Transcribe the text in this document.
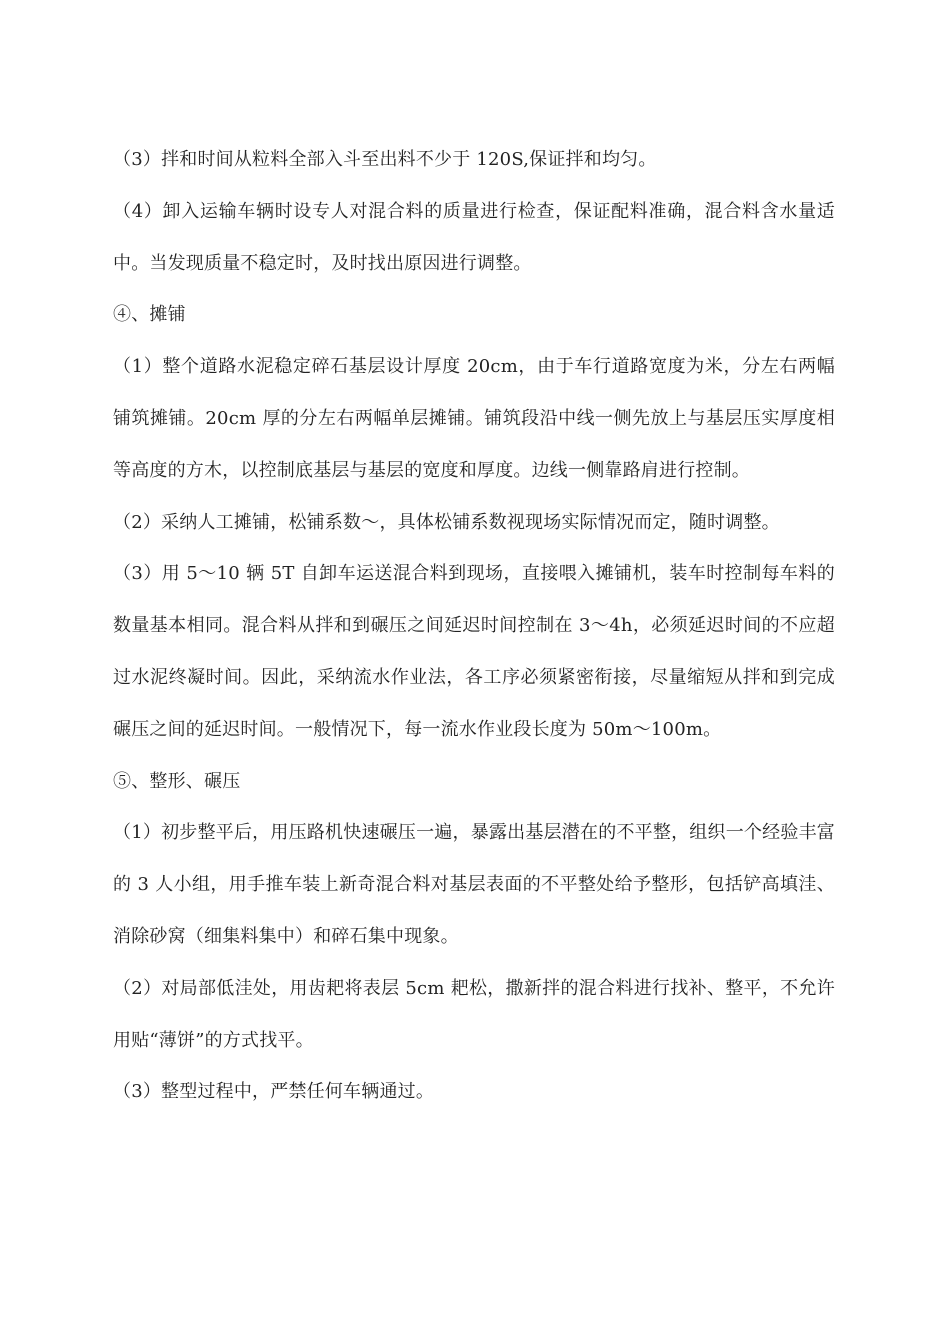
（3）拌和时间从粒料全部入斗至出料不少于 120S,保证拌和均匀。

（4）卸入运输车辆时设专人对混合料的质量进行检查，保证配料准确，混合料含水量适中。当发现质量不稳定时，及时找出原因进行调整。

④、摊铺

（1）整个道路水泥稳定碎石基层设计厚度 20cm，由于车行道路宽度为米，分左右两幅铺筑摊铺。20cm 厚的分左右两幅单层摊铺。铺筑段沿中线一侧先放上与基层压实厚度相等高度的方木，以控制底基层与基层的宽度和厚度。边线一侧靠路肩进行控制。

（2）采纳人工摊铺，松铺系数～，具体松铺系数视现场实际情况而定，随时调整。

（3）用 5～10 辆 5T 自卸车运送混合料到现场，直接喂入摊铺机，装车时控制每车料的数量基本相同。混合料从拌和到碾压之间延迟时间控制在 3～4h，必须延迟时间的不应超过水泥终凝时间。因此，采纳流水作业法，各工序必须紧密衔接，尽量缩短从拌和到完成碾压之间的延迟时间。一般情况下，每一流水作业段长度为 50m～100m。

⑤、整形、碾压

（1）初步整平后，用压路机快速碾压一遍，暴露出基层潜在的不平整，组织一个经验丰富的 3 人小组，用手推车装上新奇混合料对基层表面的不平整处给予整形，包括铲高填洼、消除砂窝（细集料集中）和碎石集中现象。

（2）对局部低洼处，用齿耙将表层 5cm 耙松，撒新拌的混合料进行找补、整平，不允许用贴“薄饼”的方式找平。

（3）整型过程中，严禁任何车辆通过。
